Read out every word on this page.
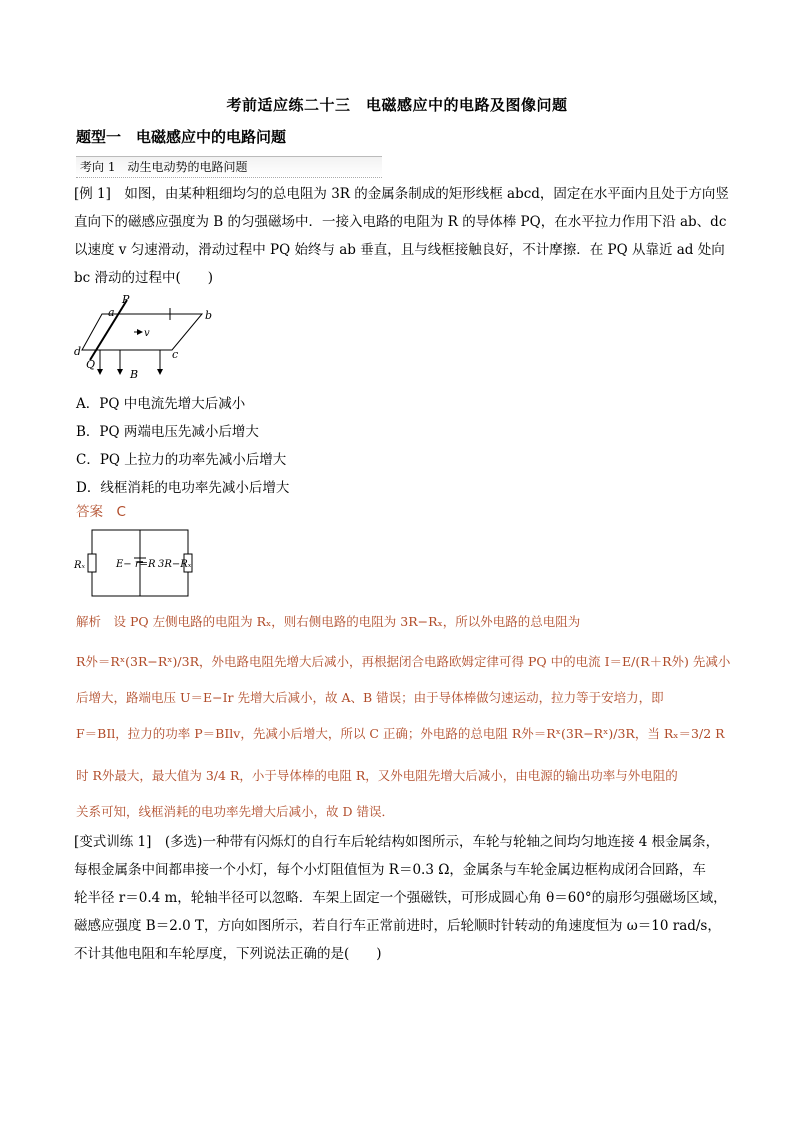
考前适应练二十三　电磁感应中的电路及图像问题
题型一　电磁感应中的电路问题
考向 1　动生电动势的电路问题
[例 1]　如图，由某种粗细均匀的总电阻为 3R 的金属条制成的矩形线框 abcd，固定在水平面内且处于方向竖
直向下的磁感应强度为 B 的匀强磁场中．一接入电路的电阻为 R 的导体棒 PQ，在水平拉力作用下沿 ab、dc
以速度 v 匀速滑动，滑动过程中 PQ 始终与 ab 垂直，且与线框接触良好，不计摩擦．在 PQ 从靠近 ad 处向
bc 滑动的过程中(　　)
a
P
b
c
d
Q
v
B
A．PQ 中电流先增大后减小
B．PQ 两端电压先减小后增大
C．PQ 上拉力的功率先减小后增大
D．线框消耗的电功率先减小后增大
答案　C
Rₓ	E− r=R 3R−Rₓ
解析　设 PQ 左侧电路的电阻为 Rₓ，则右侧电路的电阻为 3R−Rₓ，所以外电路的总电阻为
R外＝Rˣ(3R−Rˣ)/3R，外电路电阻先增大后减小，再根据闭合电路欧姆定律可得 PQ 中的电流 I＝E/(R＋R外) 先减小
后增大，路端电压 U＝E−Ir 先增大后减小，故 A、B 错误；由于导体棒做匀速运动，拉力等于安培力，即
F＝BIl，拉力的功率 P＝BIlv，先减小后增大，所以 C 正确；外电路的总电阻 R外＝Rˣ(3R−Rˣ)/3R，当 Rₓ＝3/2 R
时 R外最大，最大值为 3/4 R，小于导体棒的电阻 R，又外电阻先增大后减小，由电源的输出功率与外电阻的
关系可知，线框消耗的电功率先增大后减小，故 D 错误．
[变式训练 1]　(多选)一种带有闪烁灯的自行车后轮结构如图所示，车轮与轮轴之间均匀地连接 4 根金属条，
每根金属条中间都串接一个小灯，每个小灯阻值恒为 R＝0.3 Ω，金属条与车轮金属边框构成闭合回路，车
轮半径 r＝0.4 m，轮轴半径可以忽略．车架上固定一个强磁铁，可形成圆心角 θ＝60°的扇形匀强磁场区域，
磁感应强度 B＝2.0 T，方向如图所示，若自行车正常前进时，后轮顺时针转动的角速度恒为 ω＝10 rad/s，
不计其他电阻和车轮厚度，下列说法正确的是(　　)
